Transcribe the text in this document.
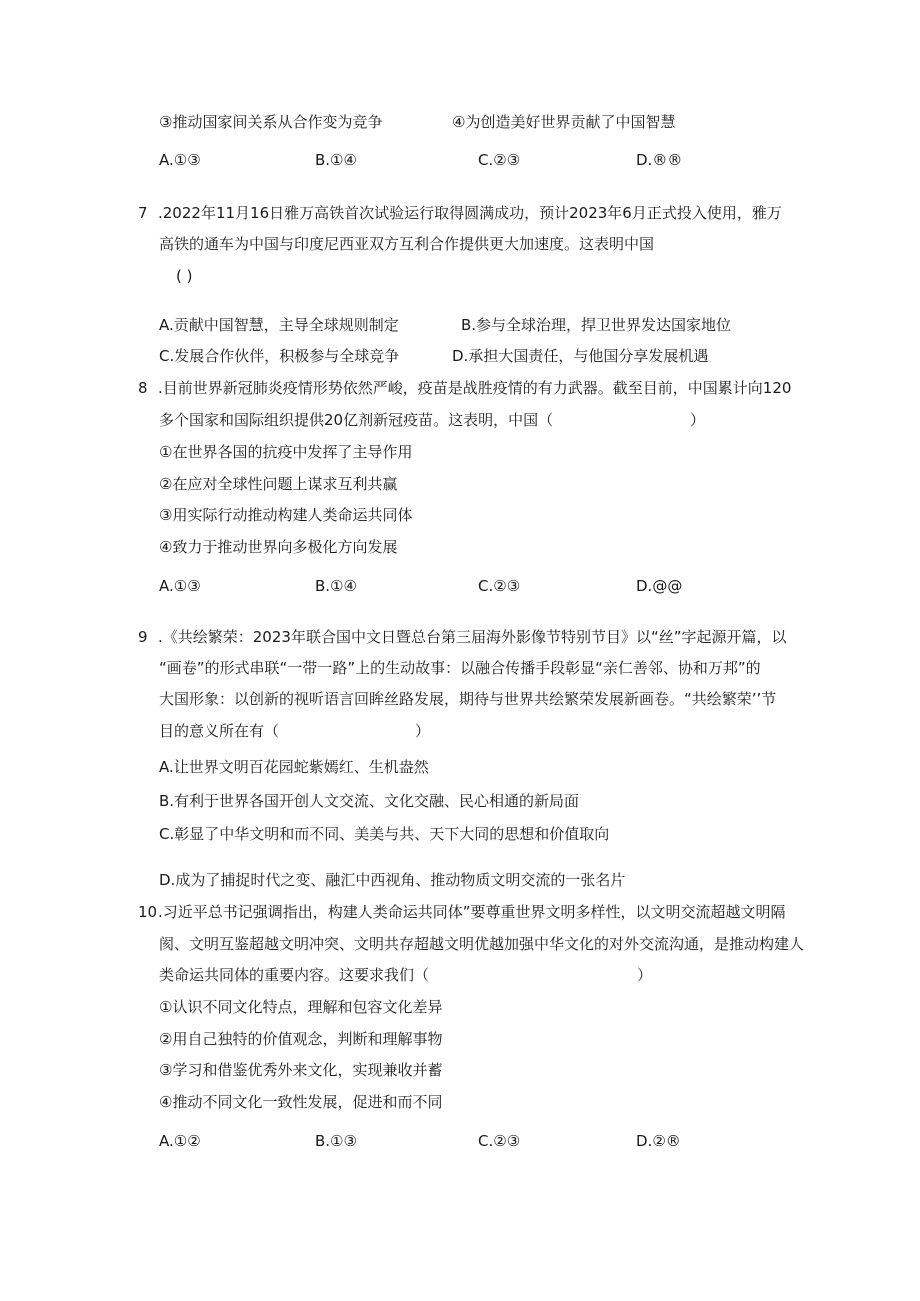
③推动国家间关系从合作变为竞争	④为创造美好世界贡献了中国智慧
A.①③	B.①④	C.②③	D.®®
7 .2022年11月16日雅万高铁首次试验运行取得圆满成功，预计2023年6月正式投入使用，雅万
高铁的通车为中国与印度尼西亚双方互利合作提供更大加速度。这表明中国
( )
A.贡献中国智慧，主导全球规则制定	B.参与全球治理，捍卫世界发达国家地位
C.发展合作伙伴，积极参与全球竞争	D.承担大国责任，与他国分享发展机遇
8 .目前世界新冠肺炎疫情形势依然严峻，疫苗是战胜疫情的有力武器。截至目前，中国累计向120
多个国家和国际组织提供20亿剂新冠疫苗。这表明，中国（	）
①在世界各国的抗疫中发挥了主导作用
②在应对全球性问题上谋求互利共赢
③用实际行动推动构建人类命运共同体
④致力于推动世界向多极化方向发展
A.①③	B.①④	C.②③	D.@@
9 .《共绘繁荣：2023年联合国中文日暨总台第三届海外影像节特别节目》以“丝”字起源开篇，以
“画卷”的形式串联“一带一路”上的生动故事：以融合传播手段彰显“亲仁善邻、协和万邦”的
大国形象：以创新的视听语言回眸丝路发展，期待与世界共绘繁荣发展新画卷。“共绘繁荣’’节
目的意义所在有（	）
A.让世界文明百花园蛇紫嫣红、生机盎然
B.有利于世界各国开创人文交流、文化交融、民心相通的新局面
C.彰显了中华文明和而不同、美美与共、天下大同的思想和价值取向
D.成为了捕捉时代之变、融汇中西视角、推动物质文明交流的一张名片
10 .习近平总书记强调指出，构建人类命运共同体”要尊重世界文明多样性，以文明交流超越文明隔
阂、文明互鉴超越文明冲突、文明共存超越文明优越加强中华文化的对外交流沟通，是推动构建人
类命运共同体的重要内容。这要求我们（	）
①认识不同文化特点，理解和包容文化差异
②用自己独特的价值观念，判断和理解事物
③学习和借鉴优秀外来文化，实现兼收并蓄
④推动不同文化一致性发展，促进和而不同
A.①②	B.①③	C.②③	D.②®
